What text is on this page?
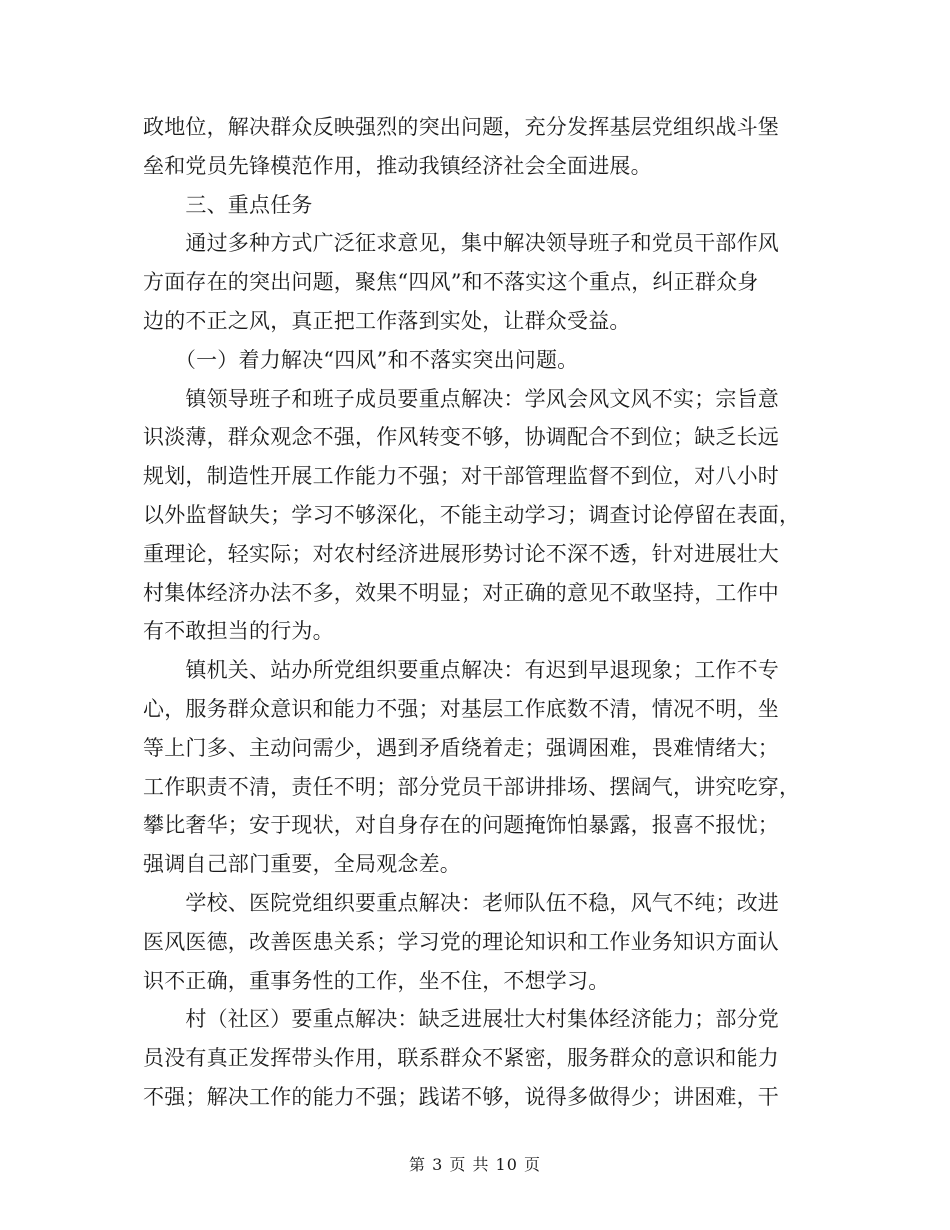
政地位，解决群众反映强烈的突出问题，充分发挥基层党组织战斗堡
垒和党员先锋模范作用，推动我镇经济社会全面进展。
　　三、重点任务
　　通过多种方式广泛征求意见，集中解决领导班子和党员干部作风
方面存在的突出问题，聚焦“四风”和不落实这个重点，纠正群众身
边的不正之风，真正把工作落到实处，让群众受益。
　　（一）着力解决“四风”和不落实突出问题。
　　镇领导班子和班子成员要重点解决：学风会风文风不实；宗旨意
识淡薄，群众观念不强，作风转变不够，协调配合不到位；缺乏长远
规划，制造性开展工作能力不强；对干部管理监督不到位，对八小时
以外监督缺失；学习不够深化，不能主动学习；调查讨论停留在表面，
重理论，轻实际；对农村经济进展形势讨论不深不透，针对进展壮大
村集体经济办法不多，效果不明显；对正确的意见不敢坚持，工作中
有不敢担当的行为。
　　镇机关、站办所党组织要重点解决：有迟到早退现象；工作不专
心，服务群众意识和能力不强；对基层工作底数不清，情况不明，坐
等上门多、主动问需少，遇到矛盾绕着走；强调困难，畏难情绪大；
工作职责不清，责任不明；部分党员干部讲排场、摆阔气，讲究吃穿，
攀比奢华；安于现状，对自身存在的问题掩饰怕暴露，报喜不报忧；
强调自己部门重要，全局观念差。
　　学校、医院党组织要重点解决：老师队伍不稳，风气不纯；改进
医风医德，改善医患关系；学习党的理论知识和工作业务知识方面认
识不正确，重事务性的工作，坐不住，不想学习。
　　村（社区）要重点解决：缺乏进展壮大村集体经济能力；部分党
员没有真正发挥带头作用，联系群众不紧密，服务群众的意识和能力
不强；解决工作的能力不强；践诺不够，说得多做得少；讲困难，干
第 3 页 共 10 页
